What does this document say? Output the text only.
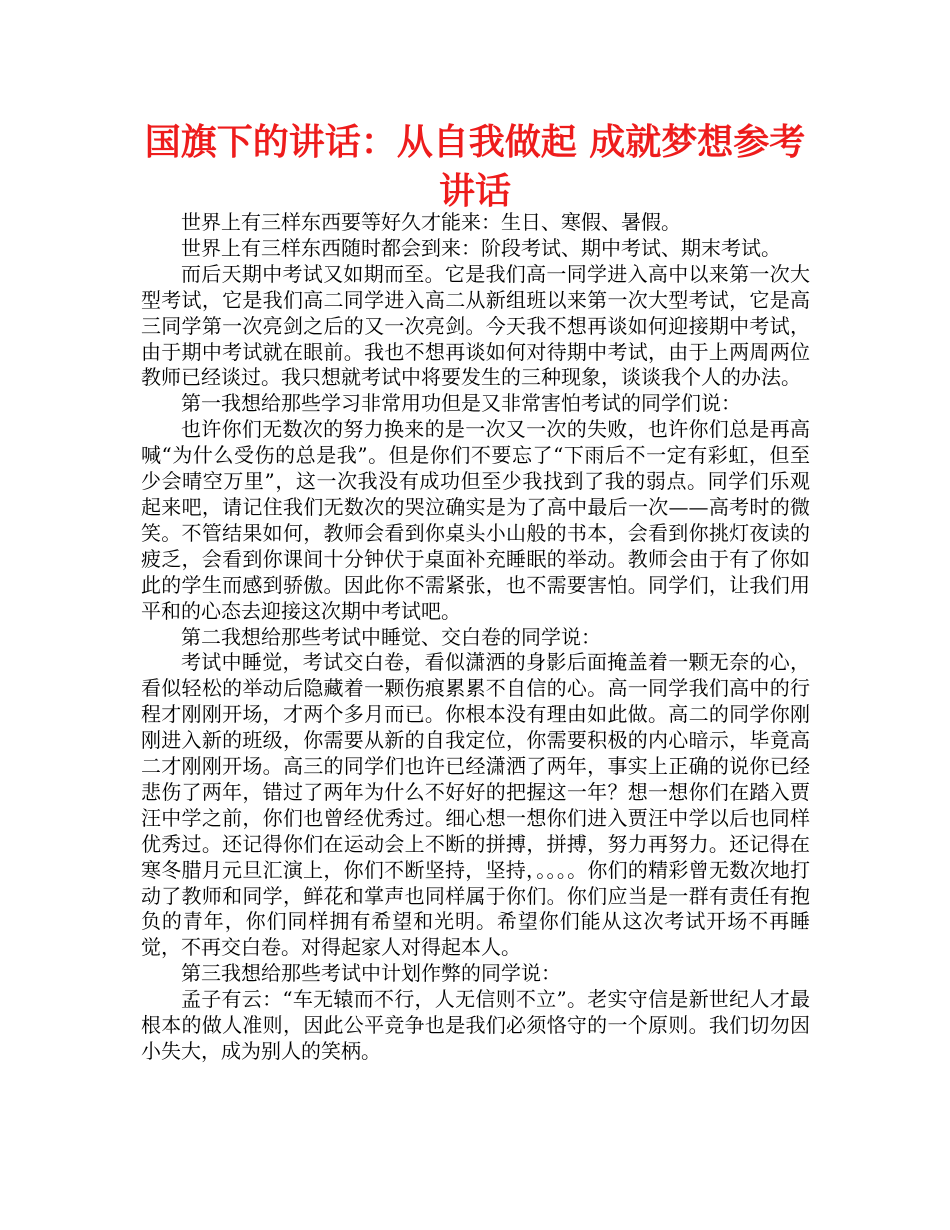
国旗下的讲话：从自我做起 成就梦想参考讲话

世界上有三样东西要等好久才能来：生日、寒假、暑假。

世界上有三样东西随时都会到来：阶段考试、期中考试、期末考试。

而后天期中考试又如期而至。它是我们高一同学进入高中以来第一次大型考试，它是我们高二同学进入高二从新组班以来第一次大型考试，它是高三同学第一次亮剑之后的又一次亮剑。今天我不想再谈如何迎接期中考试，由于期中考试就在眼前。我也不想再谈如何对待期中考试，由于上两周两位教师已经谈过。我只想就考试中将要发生的三种现象，谈谈我个人的办法。

第一我想给那些学习非常用功但是又非常害怕考试的同学们说：

也许你们无数次的努力换来的是一次又一次的失败，也许你们总是再高喊“为什么受伤的总是我”。但是你们不要忘了“下雨后不一定有彩虹，但至少会晴空万里”，这一次我没有成功但至少我找到了我的弱点。同学们乐观起来吧，请记住我们无数次的哭泣确实是为了高中最后一次——高考时的微笑。不管结果如何，教师会看到你桌头小山般的书本，会看到你挑灯夜读的疲乏，会看到你课间十分钟伏于桌面补充睡眠的举动。教师会由于有了你如此的学生而感到骄傲。因此你不需紧张，也不需要害怕。同学们，让我们用平和的心态去迎接这次期中考试吧。

第二我想给那些考试中睡觉、交白卷的同学说：

考试中睡觉，考试交白卷，看似潇洒的身影后面掩盖着一颗无奈的心，看似轻松的举动后隐藏着一颗伤痕累累不自信的心。高一同学我们高中的行程才刚刚开场，才两个多月而已。你根本没有理由如此做。高二的同学你刚刚进入新的班级，你需要从新的自我定位，你需要积极的内心暗示，毕竟高二才刚刚开场。高三的同学们也许已经潇洒了两年，事实上正确的说你已经悲伤了两年，错过了两年为什么不好好的把握这一年？想一想你们在踏入贾汪中学之前，你们也曾经优秀过。细心想一想你们进入贾汪中学以后也同样优秀过。还记得你们在运动会上不断的拼搏，拼搏，努力再努力。还记得在寒冬腊月元旦汇演上，你们不断坚持，坚持，。。。。你们的精彩曾无数次地打动了教师和同学，鲜花和掌声也同样属于你们。你们应当是一群有责任有抱负的青年，你们同样拥有希望和光明。希望你们能从这次考试开场不再睡觉，不再交白卷。对得起家人对得起本人。

第三我想给那些考试中计划作弊的同学说：

孟子有云：“车无辕而不行，人无信则不立”。老实守信是新世纪人才最根本的做人准则，因此公平竞争也是我们必须恪守的一个原则。我们切勿因小失大，成为别人的笑柄。
